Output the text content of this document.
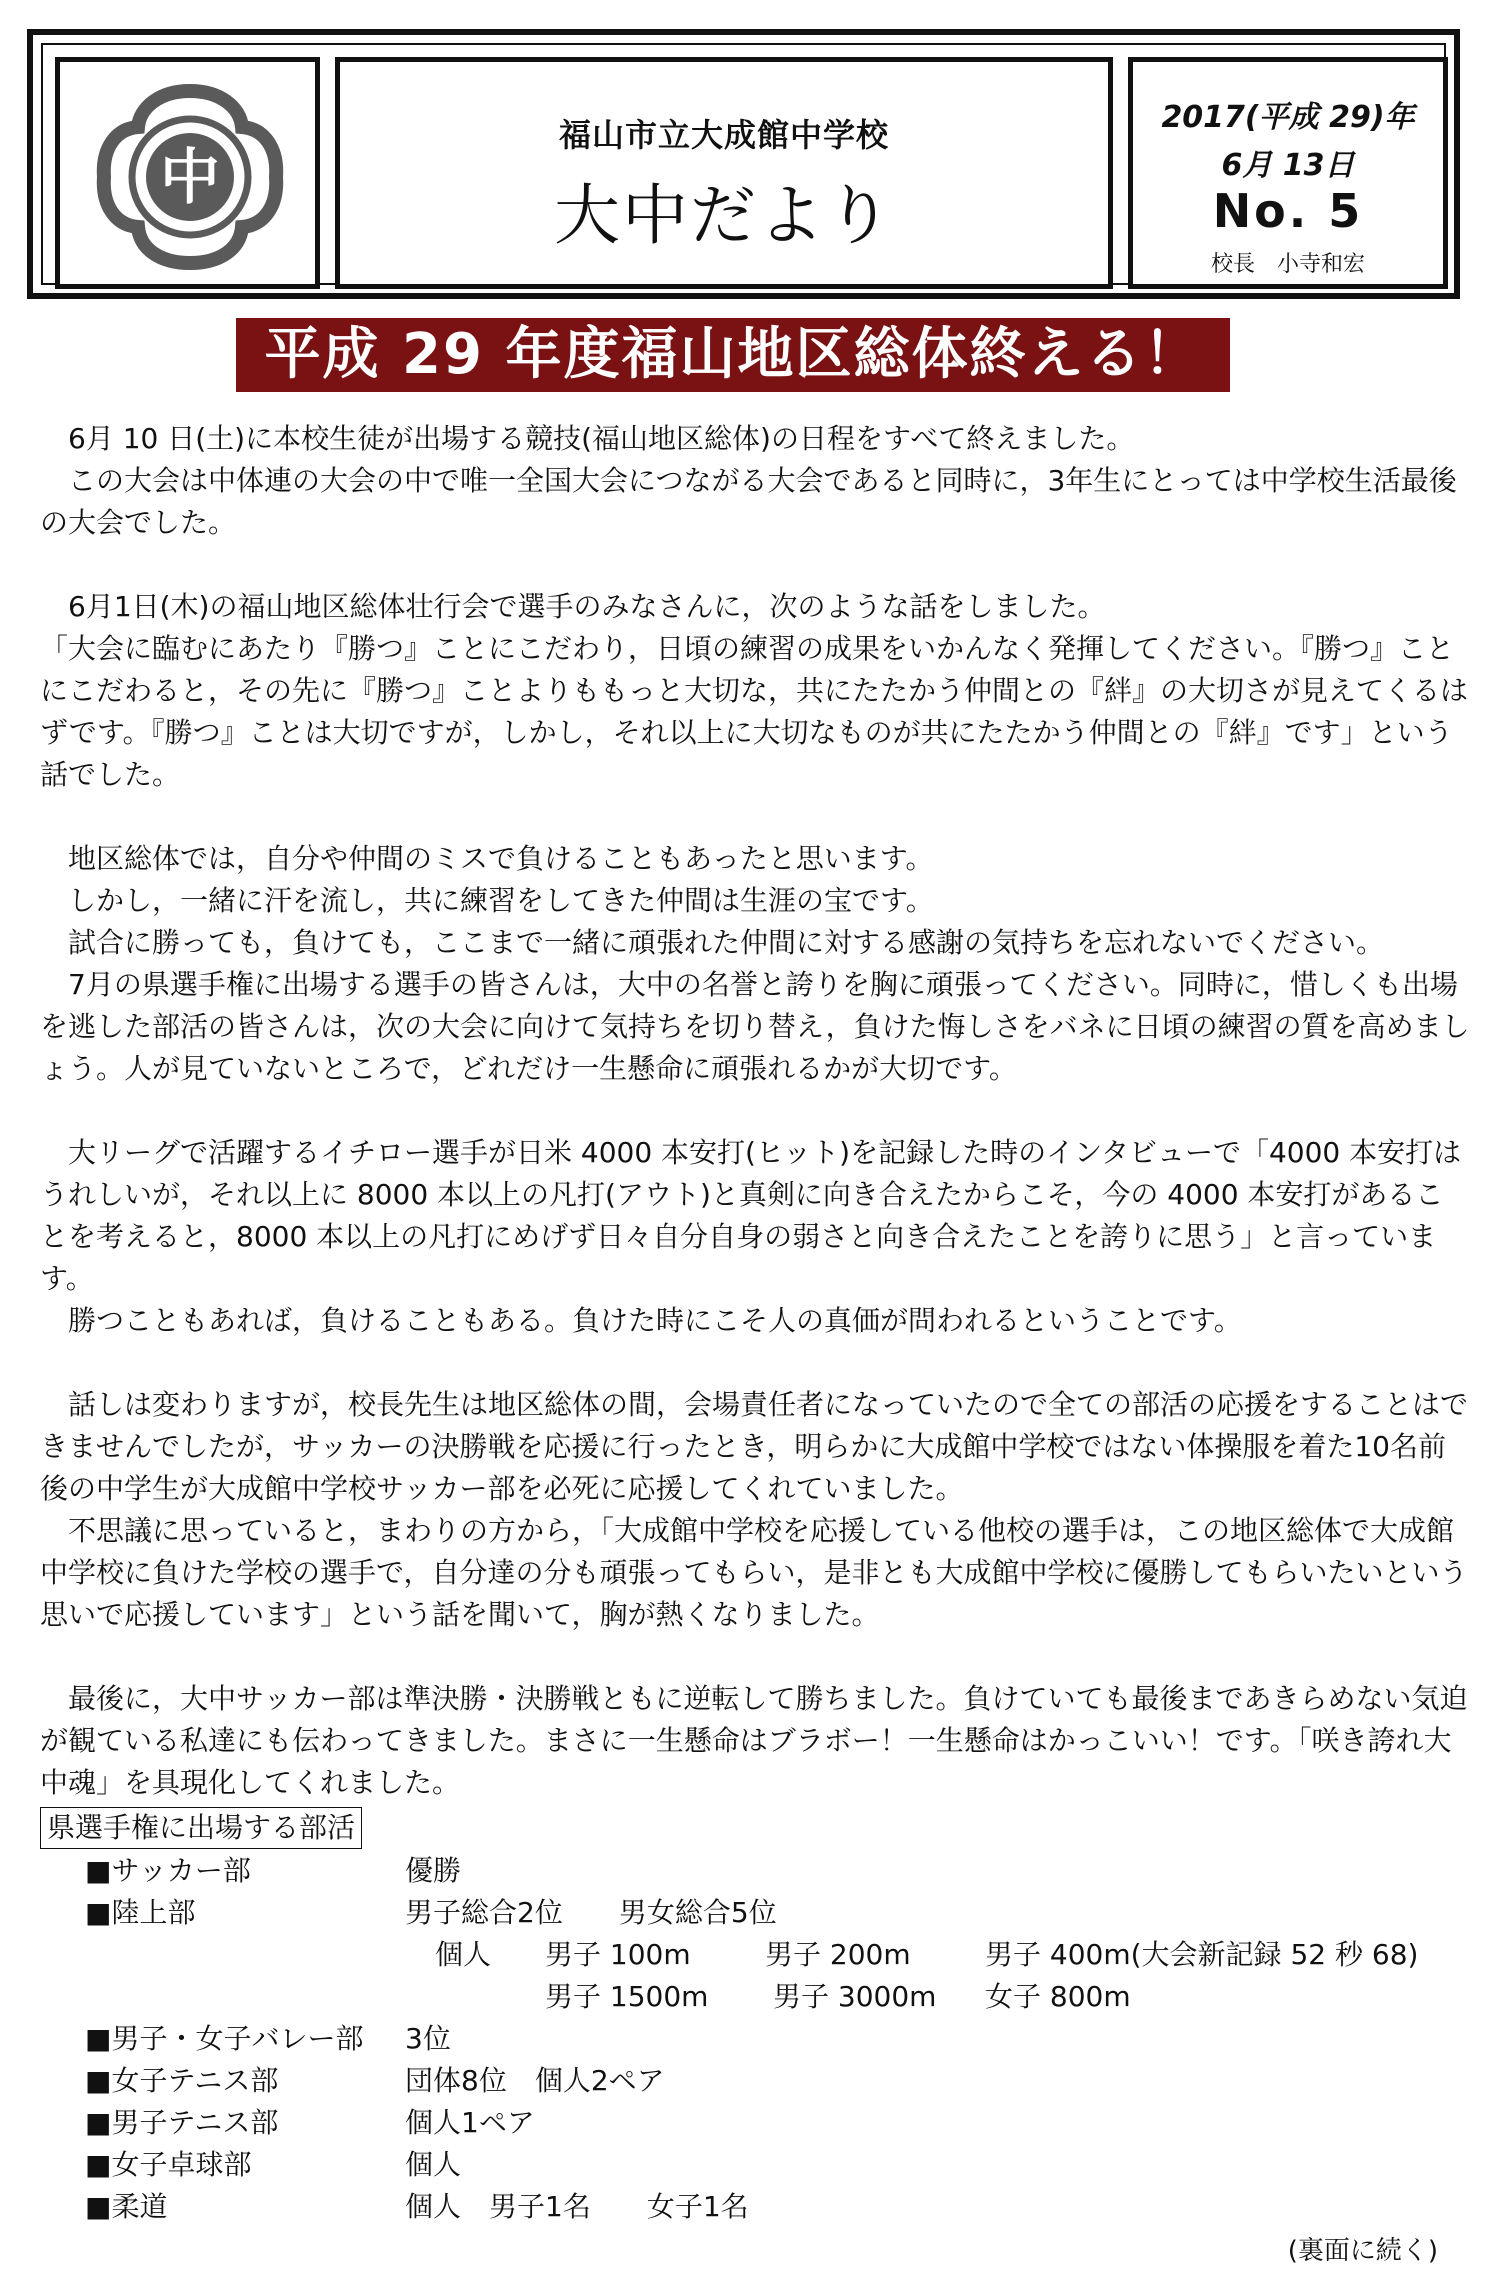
中
福山市立大成館中学校
大中だより
2017(平成 29)年
6月 13日
No. 5
校長　小寺和宏
平成 29 年度福山地区総体終える！

　6月 10 日(土)に本校生徒が出場する競技(福山地区総体)の日程をすべて終えました。

　この大会は中体連の大会の中で唯一全国大会につながる大会であると同時に，3年生にとっては中学校生活最後の大会でした。

　6月1日(木)の福山地区総体壮行会で選手のみなさんに，次のような話をしました。

「大会に臨むにあたり『勝つ』ことにこだわり，日頃の練習の成果をいかんなく発揮してください。『勝つ』ことにこだわると，その先に『勝つ』ことよりももっと大切な，共にたたかう仲間との『絆』の大切さが見えてくるはずです。『勝つ』ことは大切ですが，しかし，それ以上に大切なものが共にたたかう仲間との『絆』です」という話でした。

　地区総体では，自分や仲間のミスで負けることもあったと思います。

　しかし，一緒に汗を流し，共に練習をしてきた仲間は生涯の宝です。

　試合に勝っても，負けても，ここまで一緒に頑張れた仲間に対する感謝の気持ちを忘れないでください。

　7月の県選手権に出場する選手の皆さんは，大中の名誉と誇りを胸に頑張ってください。同時に，惜しくも出場を逃した部活の皆さんは，次の大会に向けて気持ちを切り替え，負けた悔しさをバネに日頃の練習の質を高めましょう。人が見ていないところで，どれだけ一生懸命に頑張れるかが大切です。

　大リーグで活躍するイチロー選手が日米 4000 本安打(ヒット)を記録した時のインタビューで「4000 本安打はうれしいが，それ以上に 8000 本以上の凡打(アウト)と真剣に向き合えたからこそ，今の 4000 本安打があることを考えると，8000 本以上の凡打にめげず日々自分自身の弱さと向き合えたことを誇りに思う」と言っています。

　勝つこともあれば，負けることもある。負けた時にこそ人の真価が問われるということです。

　話しは変わりますが，校長先生は地区総体の間，会場責任者になっていたので全ての部活の応援をすることはできませんでしたが，サッカーの決勝戦を応援に行ったとき，明らかに大成館中学校ではない体操服を着た10名前後の中学生が大成館中学校サッカー部を必死に応援してくれていました。

　不思議に思っていると，まわりの方から，「大成館中学校を応援している他校の選手は，この地区総体で大成館中学校に負けた学校の選手で，自分達の分も頑張ってもらい，是非とも大成館中学校に優勝してもらいたいという思いで応援しています」という話を聞いて，胸が熱くなりました。

　最後に，大中サッカー部は準決勝・決勝戦ともに逆転して勝ちました。負けていても最後まであきらめない気迫が観ている私達にも伝わってきました。まさに一生懸命はブラボー！一生懸命はかっこいい！です。「咲き誇れ大中魂」を具現化してくれました。

県選手権に出場する部活
■サッカー部	優勝
■陸上部	男子総合2位　　男女総合5位
個人 男子 100m	男子 200m	男子 400m(大会新記録 52 秒 68)
男子 1500m 男子 3000m 女子 800m
■男子・女子バレー部 3位
■女子テニス部	団体8位　個人2ペア
■男子テニス部	個人1ペア
■女子卓球部	個人
■柔道	個人　男子1名　　女子1名
(裏面に続く)
